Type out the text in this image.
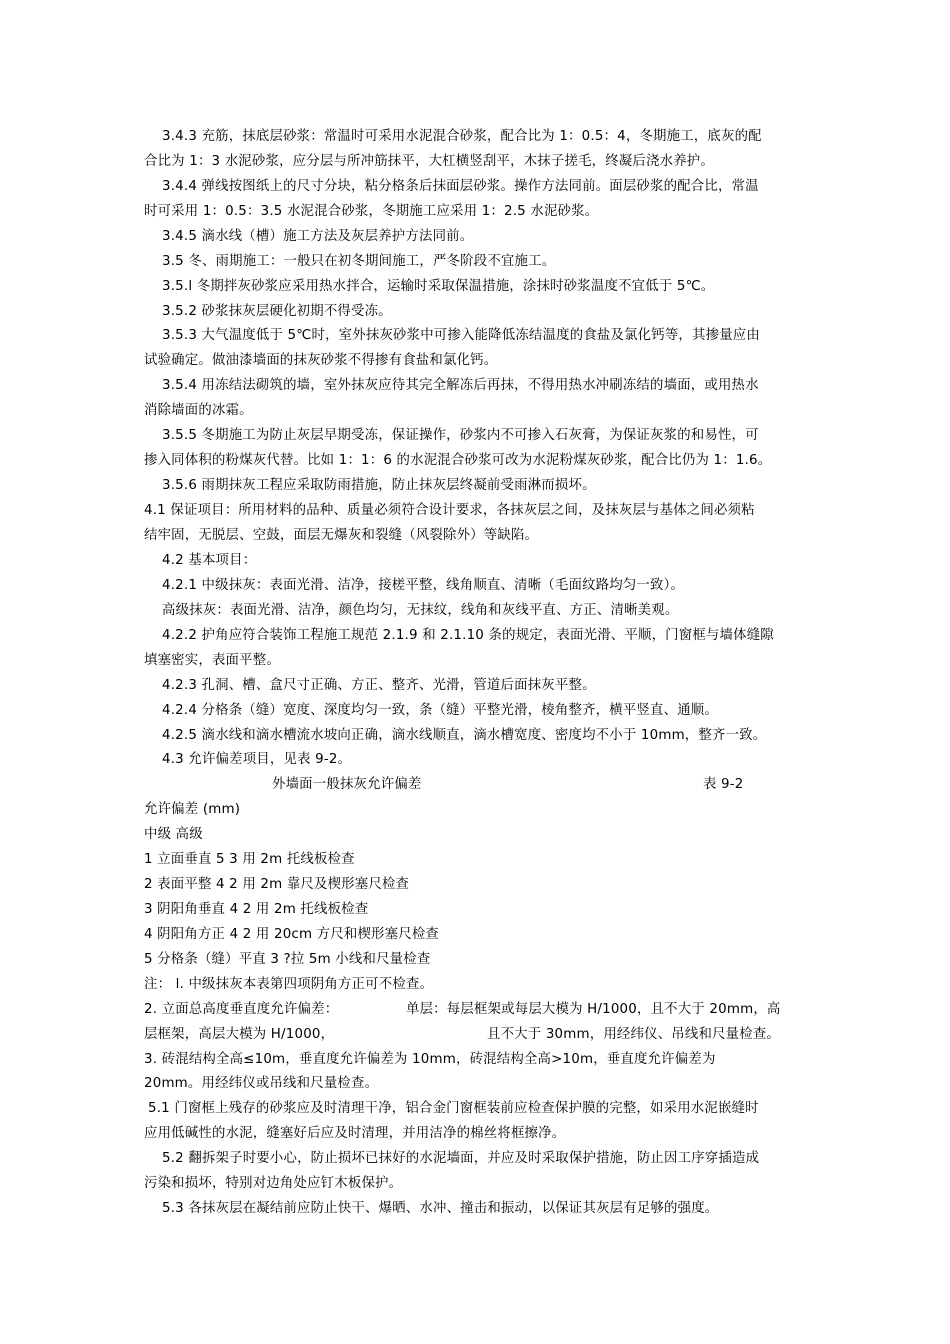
3.4.3 充筋，抹底层砂浆：常温时可采用水泥混合砂浆，配合比为 1：0.5：4，冬期施工，底灰的配
合比为 1：3 水泥砂浆，应分层与所冲筋抹平，大杠横竖刮平，木抹子搓毛，终凝后浇水养护。
3.4.4 弹线按图纸上的尺寸分块，粘分格条后抹面层砂浆。操作方法同前。面层砂浆的配合比，常温
时可采用 1：0.5：3.5 水泥混合砂浆，冬期施工应采用 1：2.5 水泥砂浆。
3.4.5 滴水线（槽）施工方法及灰层养护方法同前。
3.5 冬、雨期施工：一般只在初冬期间施工，严冬阶段不宜施工。
3.5.l 冬期拌灰砂浆应采用热水拌合，运输时采取保温措施，涂抹时砂浆温度不宜低于 5℃。
3.5.2 砂浆抹灰层硬化初期不得受冻。
3.5.3 大气温度低于 5℃时，室外抹灰砂浆中可掺入能降低冻结温度的食盐及氯化钙等，其掺量应由
试验确定。做油漆墙面的抹灰砂浆不得掺有食盐和氯化钙。
3.5.4 用冻结法砌筑的墙，室外抹灰应待其完全解冻后再抹，不得用热水冲刷冻结的墙面，或用热水
消除墙面的冰霜。
3.5.5 冬期施工为防止灰层早期受冻，保证操作，砂浆内不可掺入石灰膏，为保证灰浆的和易性，可
掺入同体积的粉煤灰代替。比如 1：1：6 的水泥混合砂浆可改为水泥粉煤灰砂浆，配合比仍为 1：1.6。
3.5.6 雨期抹灰工程应采取防雨措施，防止抹灰层终凝前受雨淋而损坏。
4.1 保证项目：所用材料的品种、质量必须符合设计要求，各抹灰层之间，及抹灰层与基体之间必须粘
结牢固，无脱层、空鼓，面层无爆灰和裂缝（风裂除外）等缺陷。
4.2 基本项目：
4.2.1 中级抹灰：表面光滑、洁净，接槎平整，线角顺直、清晰（毛面纹路均匀一致）。
高级抹灰：表面光滑、洁净，颜色均匀，无抹纹，线角和灰线平直、方正、清晰美观。
4.2.2 护角应符合装饰工程施工规范 2.1.9 和 2.1.10 条的规定，表面光滑、平顺，门窗框与墙体缝隙
填塞密实，表面平整。
4.2.3 孔洞、槽、盒尺寸正确、方正、整齐、光滑，管道后面抹灰平整。
4.2.4 分格条（缝）宽度、深度均匀一致，条（缝）平整光滑，棱角整齐，横平竖直、通顺。
4.2.5 滴水线和滴水槽流水坡向正确，滴水线顺直，滴水槽宽度、密度均不小于 10mm，整齐一致。
4.3 允许偏差项目，见表 9-2。
外墙面一般抹灰允许偏差	表 9-2
允许偏差 (mm)
中级 高级
1 立面垂直 5 3 用 2m 托线板检查
2 表面平整 4 2 用 2m 靠尺及楔形塞尺检查
3 阴阳角垂直 4 2 用 2m 托线板检查
4 阴阳角方正 4 2 用 20cm 方尺和楔形塞尺检查
5 分格条（缝）平直 3 ?拉 5m 小线和尺量检查
注： l. 中级抹灰本表第四项阴角方正可不检查。
2. 立面总高度垂直度允许偏差：	单层：每层框架或每层大模为 H/1000，且不大于 20mm，高
层框架，高层大模为 H/1000，	且不大于 30mm，用经纬仪、吊线和尺量检查。
3. 砖混结构全高≤10m，垂直度允许偏差为 10mm，砖混结构全高>10m，垂直度允许偏差为
20mm。用经纬仪或吊线和尺量检查。
5.1 门窗框上残存的砂浆应及时清理干净，铝合金门窗框装前应检查保护膜的完整，如采用水泥嵌缝时
应用低碱性的水泥，缝塞好后应及时清理，并用洁净的棉丝将框擦净。
5.2 翻拆架子时要小心，防止损坏已抹好的水泥墙面，并应及时采取保护措施，防止因工序穿插造成
污染和损坏，特别对边角处应钉木板保护。
5.3 各抹灰层在凝结前应防止快干、爆晒、水冲、撞击和振动，以保证其灰层有足够的强度。
